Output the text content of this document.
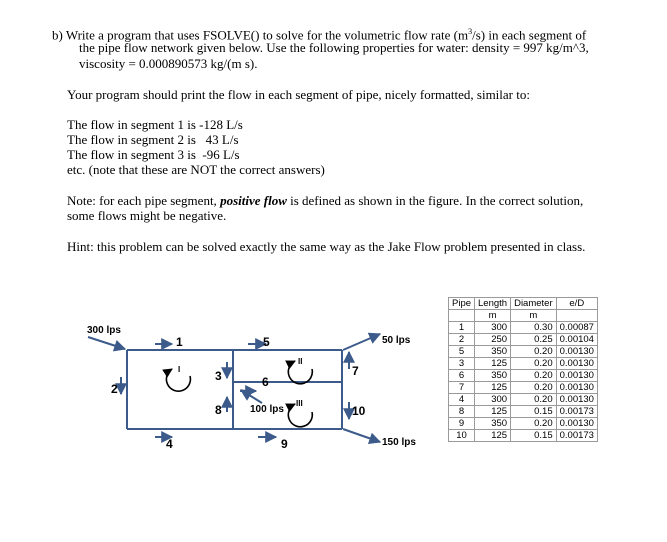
b) Write a program that uses FSOLVE() to solve for the volumetric flow rate $(m^3/s)$ in each segment of
the pipe flow network given below. Use the following properties for water: density = 997 kg/m^3,
viscosity = 0.000890573 kg/(m s).
Your program should print the flow in each segment of pipe, nicely formatted, similar to:
The flow in segment 1 is -128 L/s
The flow in segment 2 is   43 L/s
The flow in segment 3 is  -96 L/s
etc. (note that these are NOT the correct answers)
Note: for each pipe segment, positive flow is defined as shown in the figure. In the correct solution,
some flows might be negative.
Hint: this problem can be solved exactly the same way as the Jake Flow problem presented in class.
300 lps
50 lps
150 lps
100 lps
1
2
3
4
5
6
7
8
9
10
I
II
III
Pipe	Length	Diameter	e/D
	m	m	
1	300	0.30	0.00087
2	250	0.25	0.00104
5	350	0.20	0.00130
3	125	0.20	0.00130
6	350	0.20	0.00130
7	125	0.20	0.00130
4	300	0.20	0.00130
8	125	0.15	0.00173
9	350	0.20	0.00130
10	125	0.15	0.00173
